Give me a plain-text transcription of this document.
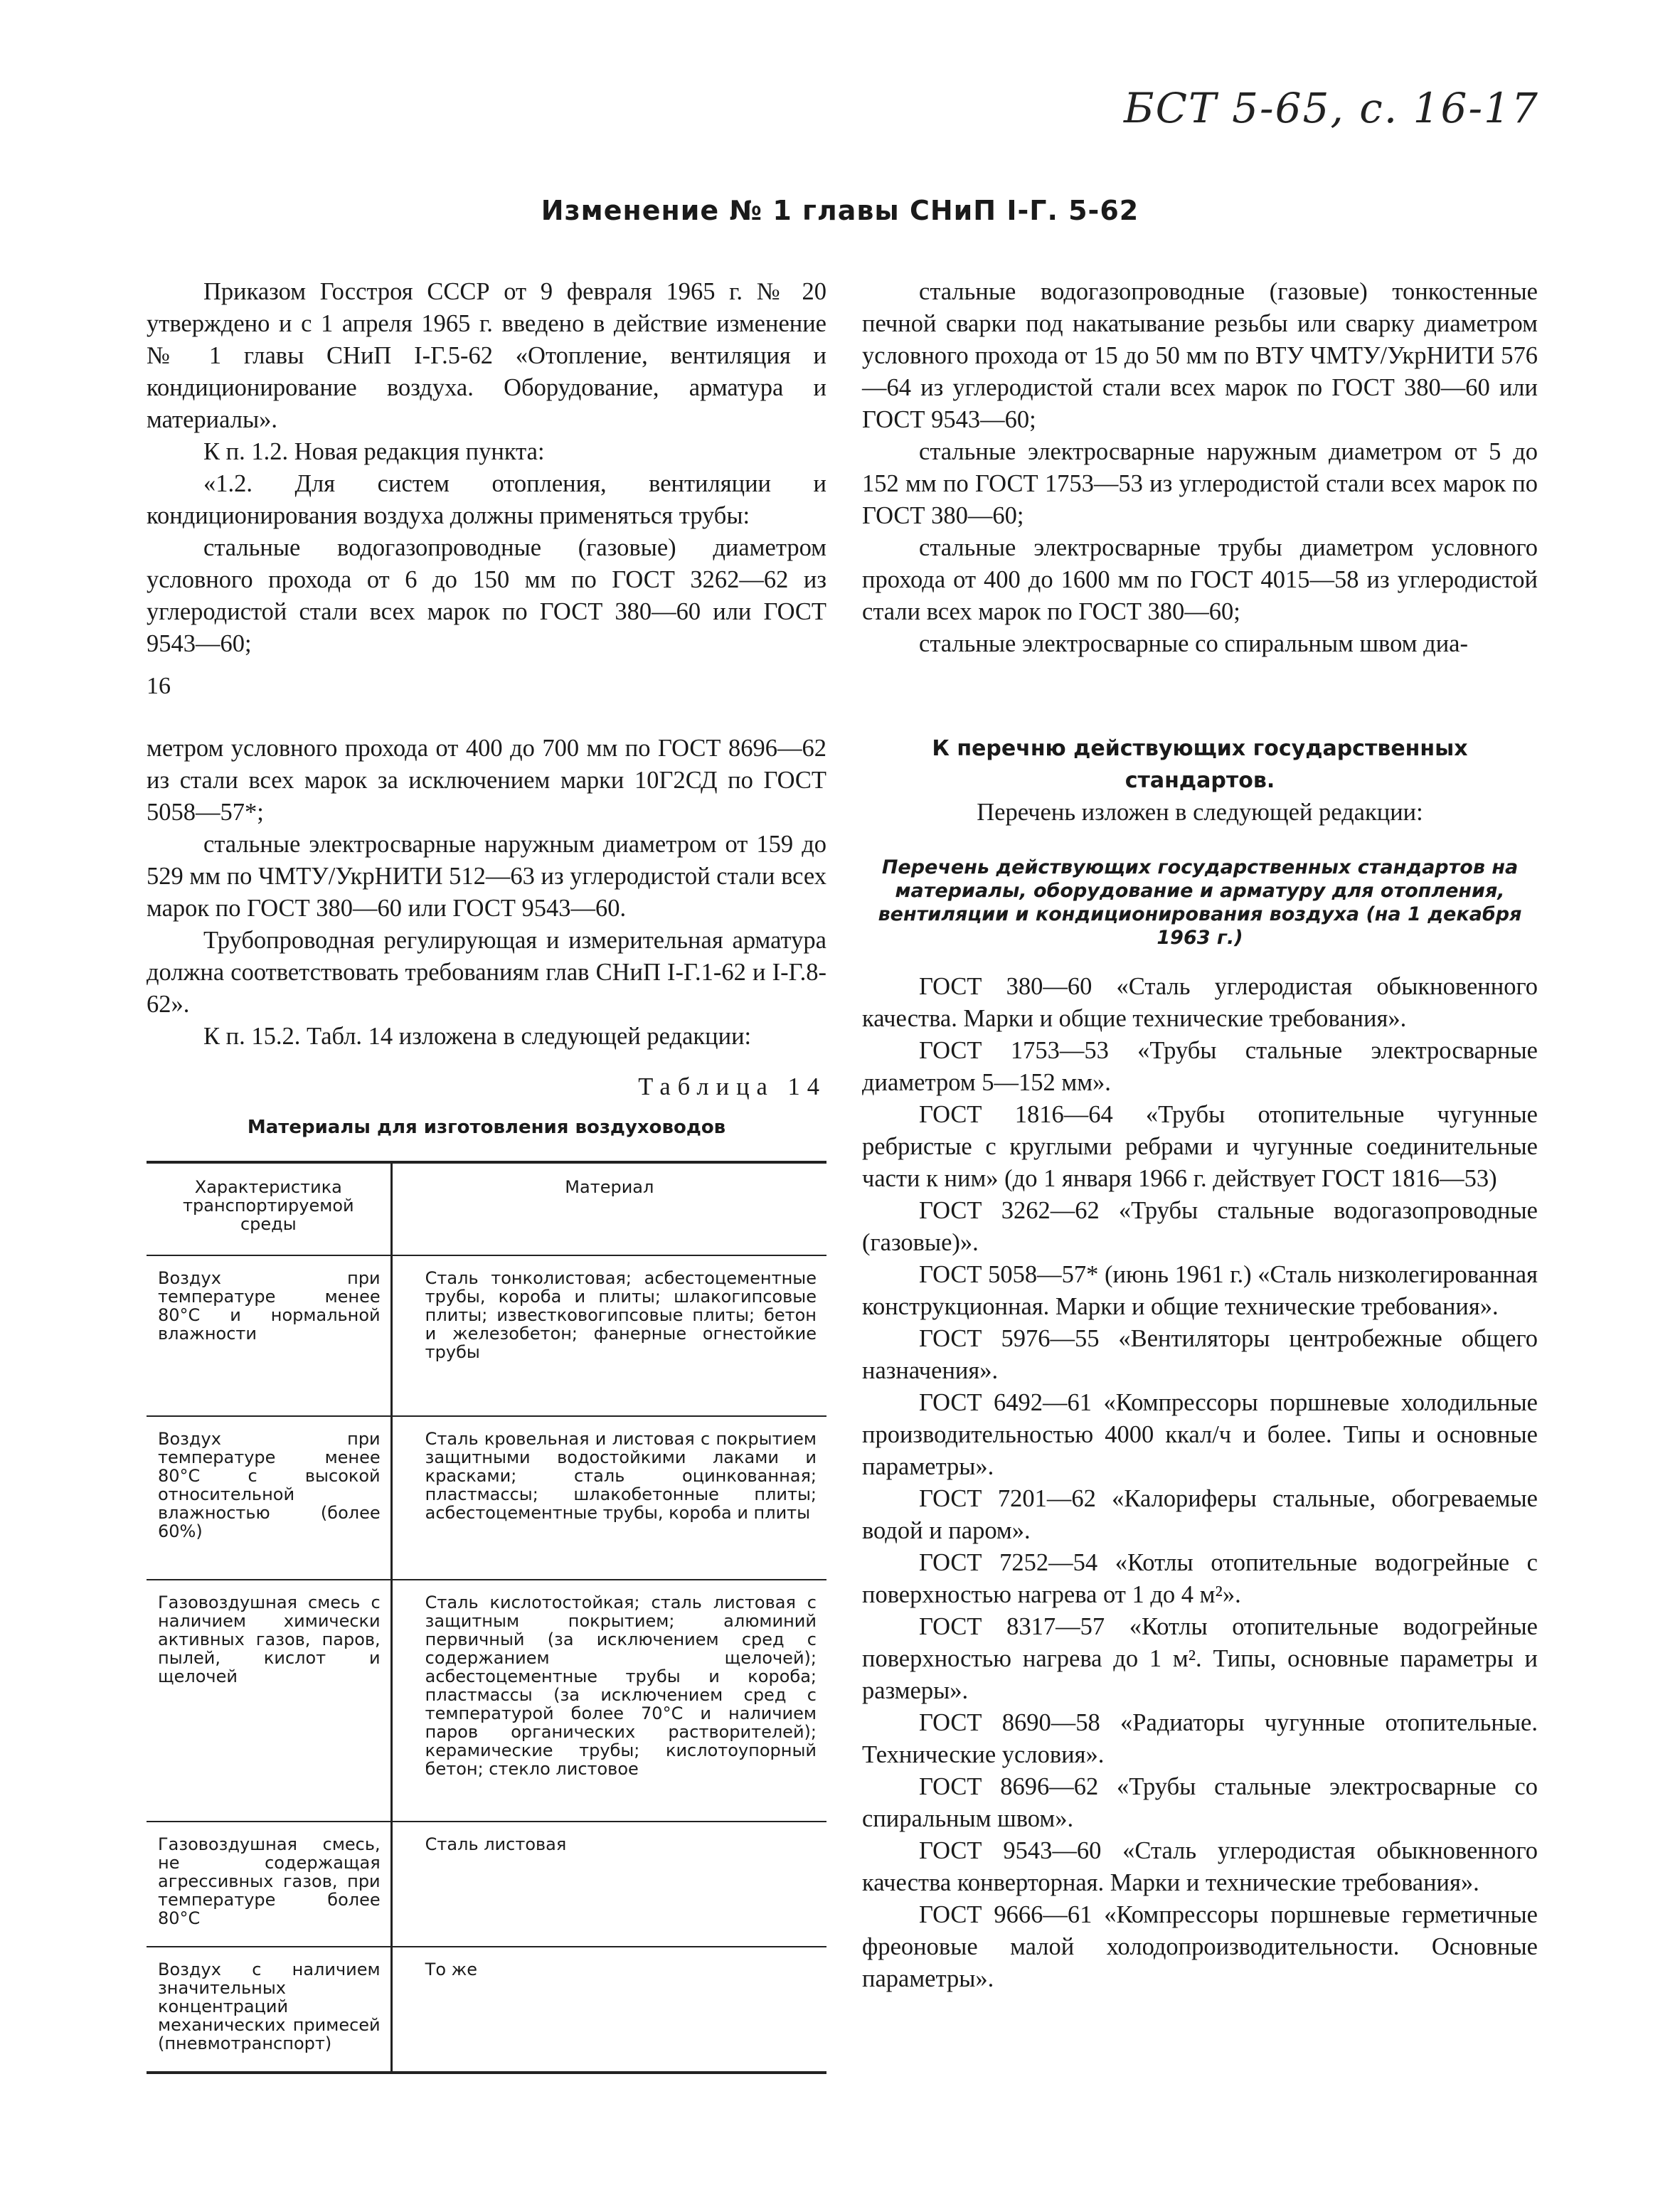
БСТ 5-65, с. 16-17
Изменение № 1 главы СНиП I-Г. 5-62

Приказом Госстроя СССР от 9 февраля 1965 г. № 20 утверждено и с 1 апреля 1965 г. введено в действие изменение № 1 главы СНиП I-Г.5-62 «Отопление, вентиляция и кондиционирование воздуха. Оборудование, арматура и материалы».

К п. 1.2. Новая редакция пункта:

«1.2. Для систем отопления, вентиляции и кондиционирования воздуха должны применяться трубы:

стальные водогазопроводные (газовые) диаметром условного прохода от 6 до 150 мм по ГОСТ 3262—62 из углеродистой стали всех марок по ГОСТ 380—60 или ГОСТ 9543—60;

стальные водогазопроводные (газовые) тонкостенные печной сварки под накатывание резьбы или сварку диаметром условного прохода от 15 до 50 мм по ВТУ ЧМТУ/УкрНИТИ 576—64 из углеродистой стали всех марок по ГОСТ 380—60 или ГОСТ 9543—60;

стальные электросварные наружным диаметром от 5 до 152 мм по ГОСТ 1753—53 из углеродистой стали всех марок по ГОСТ 380—60;

стальные электросварные трубы диаметром условного прохода от 400 до 1600 мм по ГОСТ 4015—58 из углеродистой стали всех марок по ГОСТ 380—60;

стальные электросварные со спиральным швом диа-

16

метром условного прохода от 400 до 700 мм по ГОСТ 8696—62 из стали всех марок за исключением марки 10Г2СД по ГОСТ 5058—57*;

стальные электросварные наружным диаметром от 159 до 529 мм по ЧМТУ/УкрНИТИ 512—63 из углеродистой стали всех марок по ГОСТ 380—60 или ГОСТ 9543—60.

Трубопроводная регулирующая и измерительная арматура должна соответствовать требованиям глав СНиП I-Г.1-62 и I-Г.8-62».

К п. 15.2. Табл. 14 изложена в следующей редакции:

Таблица 14
Материалы для изготовления воздуховодов
Характеристика транспортируемой среды	Материал
Воздух при температуре менее 80°С и нормальной влажности	Сталь тонколистовая; асбестоцементные трубы, короба и плиты; шлакогипсовые плиты; известковогипсовые плиты; бетон и железобетон; фанерные огнестойкие трубы
Воздух при температуре менее 80°С с высокой относительной влажностью (более 60%)	Сталь кровельная и листовая с покрытием защитными водостойкими лаками и красками; сталь оцинкованная; пластмассы; шлакобетонные плиты; асбестоцементные трубы, короба и плиты
Газовоздушная смесь с наличием химически активных газов, паров, пылей, кислот и щелочей	Сталь кислотостойкая; сталь листовая с защитным покрытием; алюминий первичный (за исключением сред с содержанием щелочей); асбестоцементные трубы и короба; пластмассы (за исключением сред с температурой более 70°С и наличием паров органических растворителей); керамические трубы; кислотоупорный бетон; стекло листовое
Газовоздушная смесь, не содержащая агрессивных газов, при температуре более 80°С	Сталь листовая
Воздух с наличием значительных концентраций механических примесей (пневмотранспорт)	То же

К перечню действующих государственных стандартов.

Перечень изложен в следующей редакции:

Перечень действующих государственных стандартов на материалы, оборудование и арматуру для отопления, вентиляции и кондиционирования воздуха (на 1 декабря 1963 г.)

ГОСТ 380—60 «Сталь углеродистая обыкновенного качества. Марки и общие технические требования».

ГОСТ 1753—53 «Трубы стальные электросварные диаметром 5—152 мм».

ГОСТ 1816—64 «Трубы отопительные чугунные ребристые с круглыми ребрами и чугунные соединительные части к ним» (до 1 января 1966 г. действует ГОСТ 1816—53)

ГОСТ 3262—62 «Трубы стальные водогазопроводные (газовые)».

ГОСТ 5058—57* (июнь 1961 г.) «Сталь низколегированная конструкционная. Марки и общие технические требования».

ГОСТ 5976—55 «Вентиляторы центробежные общего назначения».

ГОСТ 6492—61 «Компрессоры поршневые холодильные производительностью 4000 ккал/ч и более. Типы и основные параметры».

ГОСТ 7201—62 «Калориферы стальные, обогреваемые водой и паром».

ГОСТ 7252—54 «Котлы отопительные водогрейные с поверхностью нагрева от 1 до 4 м²».

ГОСТ 8317—57 «Котлы отопительные водогрейные поверхностью нагрева до 1 м². Типы, основные параметры и размеры».

ГОСТ 8690—58 «Радиаторы чугунные отопительные. Технические условия».

ГОСТ 8696—62 «Трубы стальные электросварные со спиральным швом».

ГОСТ 9543—60 «Сталь углеродистая обыкновенного качества конверторная. Марки и технические требования».

ГОСТ 9666—61 «Компрессоры поршневые герметичные фреоновые малой холодопроизводительности. Основные параметры».
